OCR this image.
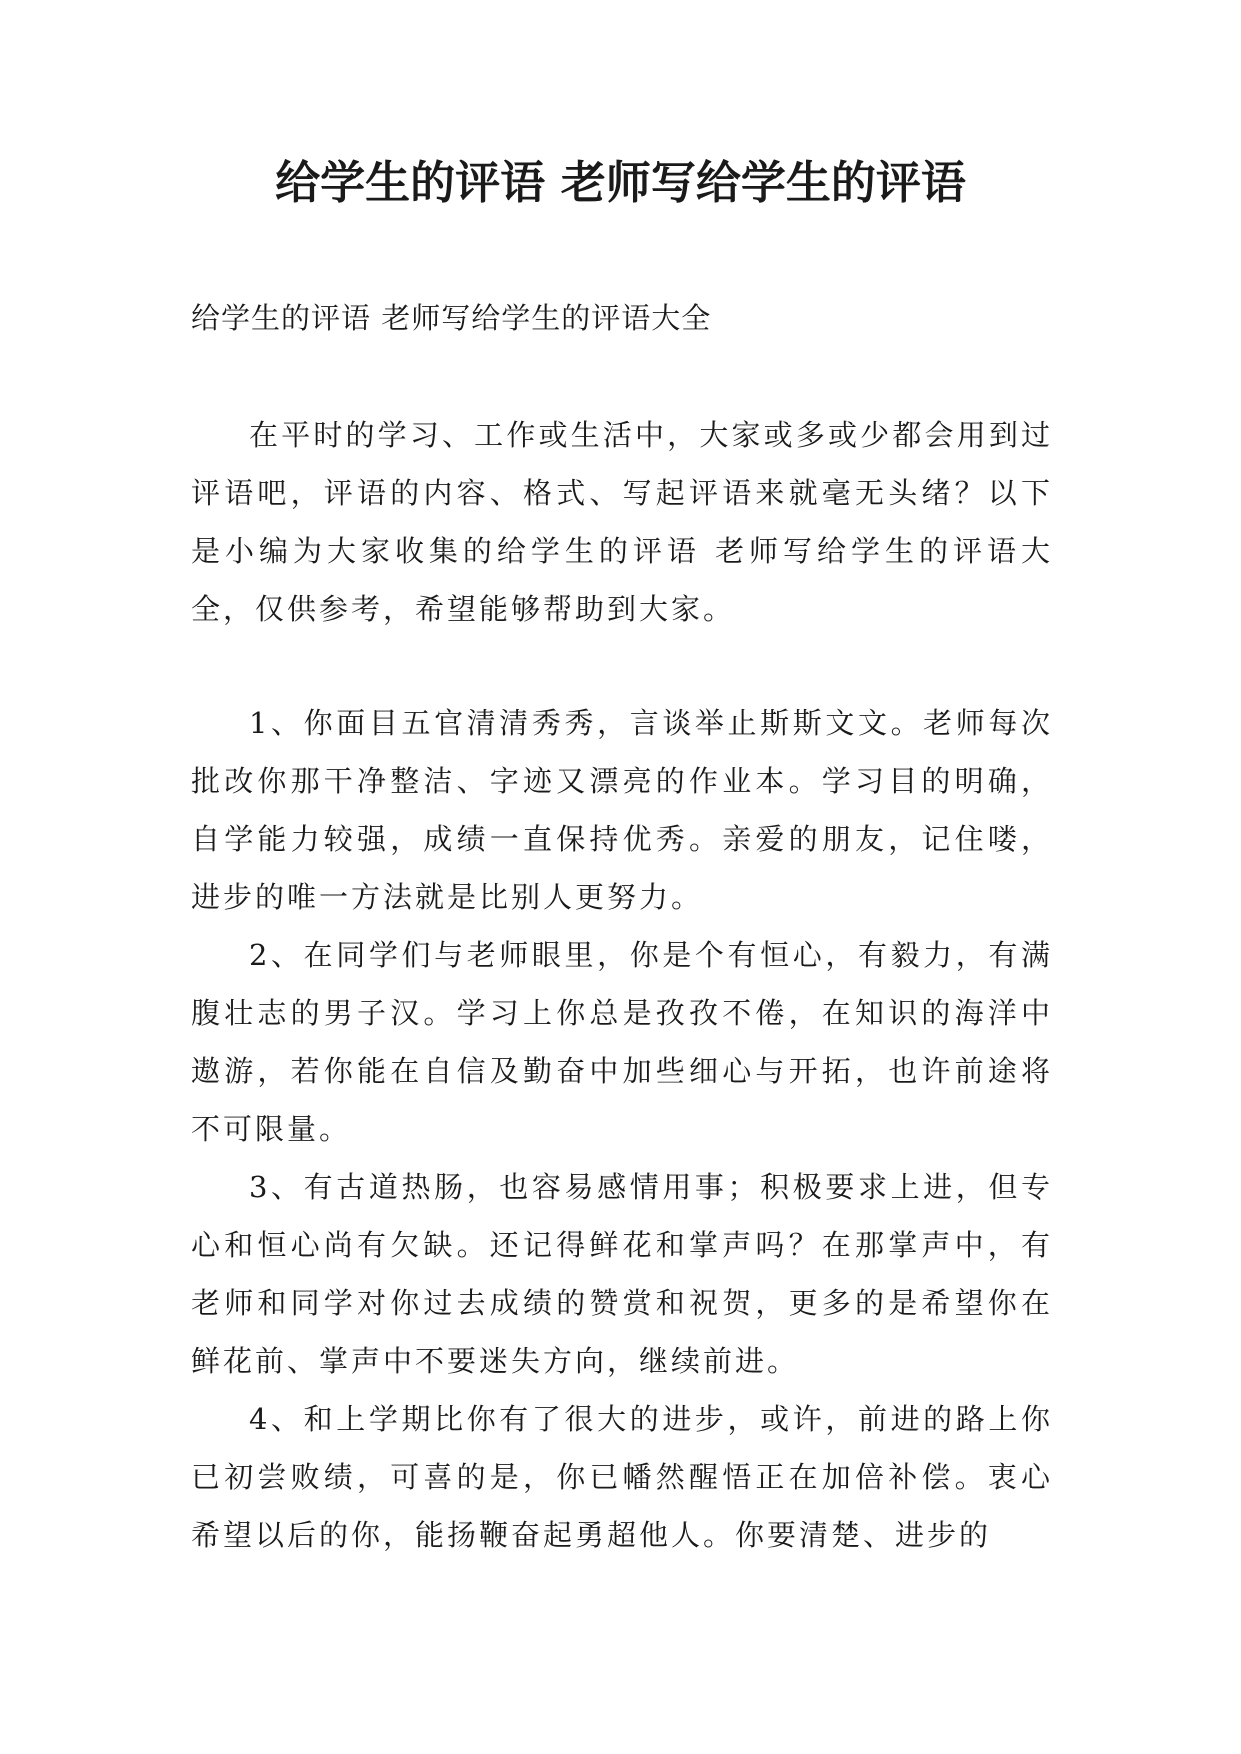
给学生的评语 老师写给学生的评语

给学生的评语 老师写给学生的评语大全

在平时的学习、工作或生活中，大家或多或少都会用到过评语吧，评语的内容、格式、写起评语来就毫无头绪？以下是小编为大家收集的给学生的评语 老师写给学生的评语大全，仅供参考，希望能够帮助到大家。

1、你面目五官清清秀秀，言谈举止斯斯文文。老师每次批改你那干净整洁、字迹又漂亮的作业本。学习目的明确，自学能力较强，成绩一直保持优秀。亲爱的朋友，记住喽，进步的唯一方法就是比别人更努力。

2、在同学们与老师眼里，你是个有恒心，有毅力，有满腹壮志的男子汉。学习上你总是孜孜不倦，在知识的海洋中遨游，若你能在自信及勤奋中加些细心与开拓，也许前途将不可限量。

3、有古道热肠，也容易感情用事；积极要求上进，但专心和恒心尚有欠缺。还记得鲜花和掌声吗？在那掌声中，有老师和同学对你过去成绩的赞赏和祝贺，更多的是希望你在鲜花前、掌声中不要迷失方向，继续前进。

4、和上学期比你有了很大的进步，或许，前进的路上你已初尝败绩，可喜的是，你已幡然醒悟正在加倍补偿。衷心希望以后的你，能扬鞭奋起勇超他人。你要清楚、进步的
